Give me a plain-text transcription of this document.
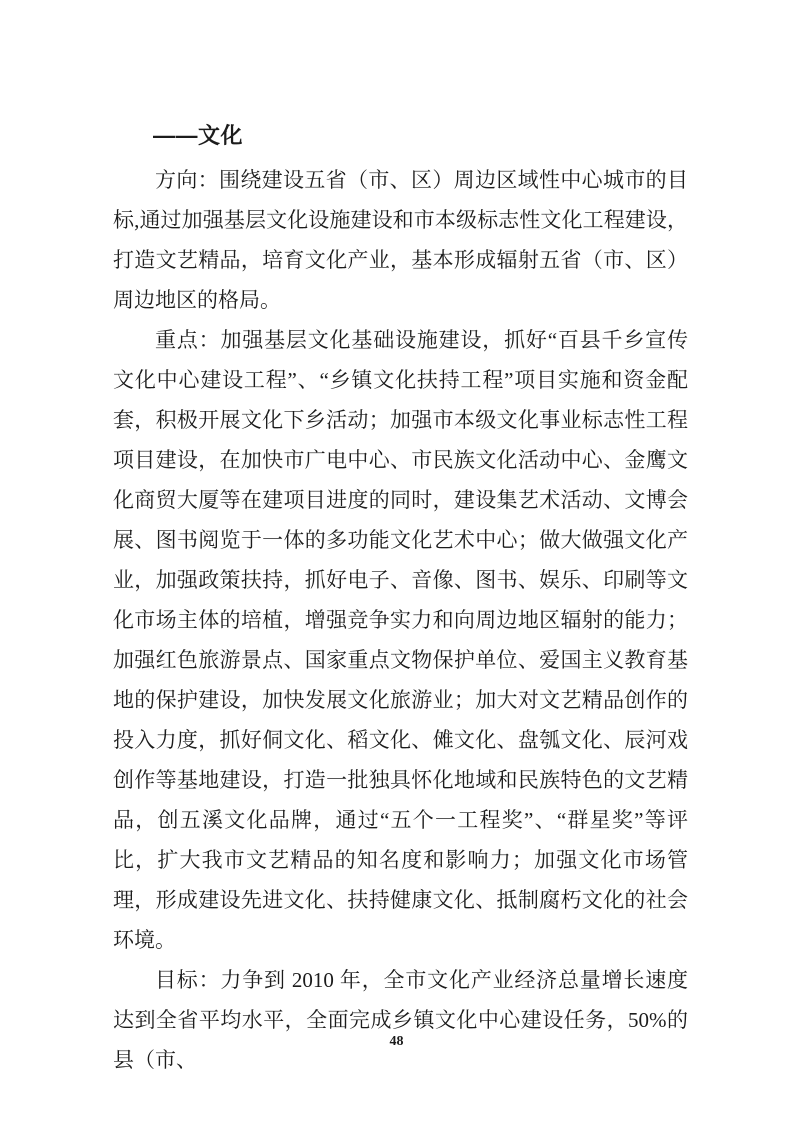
——文化

方向：围绕建设五省（市、区）周边区域性中心城市的目标,通过加强基层文化设施建设和市本级标志性文化工程建设，打造文艺精品，培育文化产业，基本形成辐射五省（市、区）周边地区的格局。

重点：加强基层文化基础设施建设，抓好“百县千乡宣传文化中心建设工程”、“乡镇文化扶持工程”项目实施和资金配套，积极开展文化下乡活动；加强市本级文化事业标志性工程项目建设，在加快市广电中心、市民族文化活动中心、金鹰文化商贸大厦等在建项目进度的同时，建设集艺术活动、文博会展、图书阅览于一体的多功能文化艺术中心；做大做强文化产业，加强政策扶持，抓好电子、音像、图书、娱乐、印刷等文化市场主体的培植，增强竞争实力和向周边地区辐射的能力；加强红色旅游景点、国家重点文物保护单位、爱国主义教育基地的保护建设，加快发展文化旅游业；加大对文艺精品创作的投入力度，抓好侗文化、稻文化、傩文化、盘瓠文化、辰河戏创作等基地建设，打造一批独具怀化地域和民族特色的文艺精品，创五溪文化品牌，通过“五个一工程奖”、“群星奖”等评比，扩大我市文艺精品的知名度和影响力；加强文化市场管理，形成建设先进文化、扶持健康文化、抵制腐朽文化的社会环境。

目标：力争到 2010 年，全市文化产业经济总量增长速度达到全省平均水平，全面完成乡镇文化中心建设任务，50%的县（市、

48
